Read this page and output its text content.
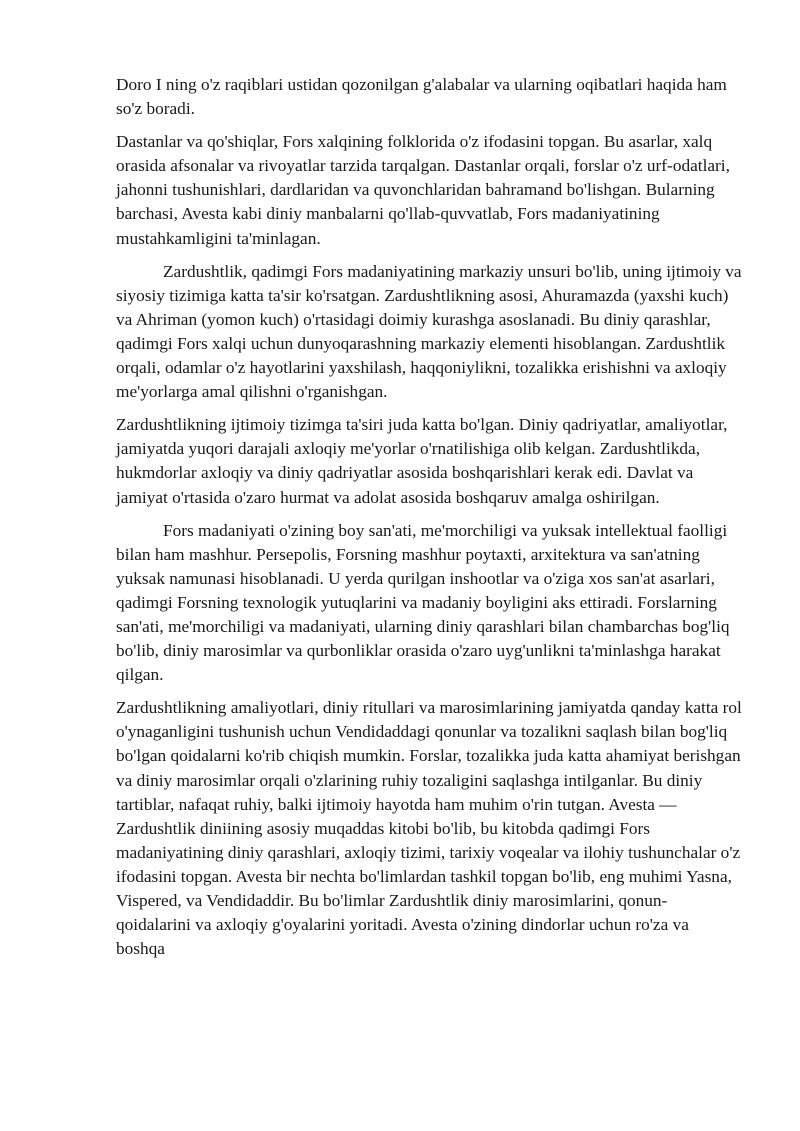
Doro I ning o'z raqiblari ustidan qozonilgan g'alabalar va ularning oqibatlari haqida ham so'z boradi.

Dastanlar va qo'shiqlar, Fors xalqining folklorida o'z ifodasini topgan. Bu asarlar, xalq orasida afsonalar va rivoyatlar tarzida tarqalgan. Dastanlar orqali, forslar o'z urf-odatlari, jahonni tushunishlari, dardlaridan va quvonchlaridan bahramand bo'lishgan. Bularning barchasi, Avesta kabi diniy manbalarni qo'llab-quvvatlab, Fors madaniyatining mustahkamligini ta'minlagan.

Zardushtlik, qadimgi Fors madaniyatining markaziy unsuri bo'lib, uning ijtimoiy va siyosiy tizimiga katta ta'sir ko'rsatgan. Zardushtlikning asosi, Ahuramazda (yaxshi kuch) va Ahriman (yomon kuch) o'rtasidagi doimiy kurashga asoslanadi. Bu diniy qarashlar, qadimgi Fors xalqi uchun dunyoqarashning markaziy elementi hisoblangan. Zardushtlik orqali, odamlar o'z hayotlarini yaxshilash, haqqoniylikni, tozalikka erishishni va axloqiy me'yorlarga amal qilishni o'rganishgan.

Zardushtlikning ijtimoiy tizimga ta'siri juda katta bo'lgan. Diniy qadriyatlar, amaliyotlar, jamiyatda yuqori darajali axloqiy me'yorlar o'rnatilishiga olib kelgan. Zardushtlikda, hukmdorlar axloqiy va diniy qadriyatlar asosida boshqarishlari kerak edi. Davlat va jamiyat o'rtasida o'zaro hurmat va adolat asosida boshqaruv amalga oshirilgan.

Fors madaniyati o'zining boy san'ati, me'morchiligi va yuksak intellektual faolligi bilan ham mashhur. Persepolis, Forsning mashhur poytaxti, arxitektura va san'atning yuksak namunasi hisoblanadi. U yerda qurilgan inshootlar va o'ziga xos san'at asarlari, qadimgi Forsning texnologik yutuqlarini va madaniy boyligini aks ettiradi. Forslarning san'ati, me'morchiligi va madaniyati, ularning diniy qarashlari bilan chambarchas bog'liq bo'lib, diniy marosimlar va qurbonliklar orasida o'zaro uyg'unlikni ta'minlashga harakat qilgan.

Zardushtlikning amaliyotlari, diniy ritullari va marosimlarining jamiyatda qanday katta rol o'ynaganligini tushunish uchun Vendidaddagi qonunlar va tozalikni saqlash bilan bog'liq bo'lgan qoidalarni ko'rib chiqish mumkin. Forslar, tozalikka juda katta ahamiyat berishgan va diniy marosimlar orqali o'zlarining ruhiy tozaligini saqlashga intilganlar. Bu diniy tartiblar, nafaqat ruhiy, balki ijtimoiy hayotda ham muhim o'rin tutgan. Avesta — Zardushtlik diniining asosiy muqaddas kitobi bo'lib, bu kitobda qadimgi Fors madaniyatining diniy qarashlari, axloqiy tizimi, tarixiy voqealar va ilohiy tushunchalar o'z ifodasini topgan. Avesta bir nechta bo'limlardan tashkil topgan bo'lib, eng muhimi Yasna, Vispered, va Vendidaddir. Bu bo'limlar Zardushtlik diniy marosimlarini, qonun-qoidalarini va axloqiy g'oyalarini yoritadi. Avesta o'zining dindorlar uchun ro'za va boshqa
